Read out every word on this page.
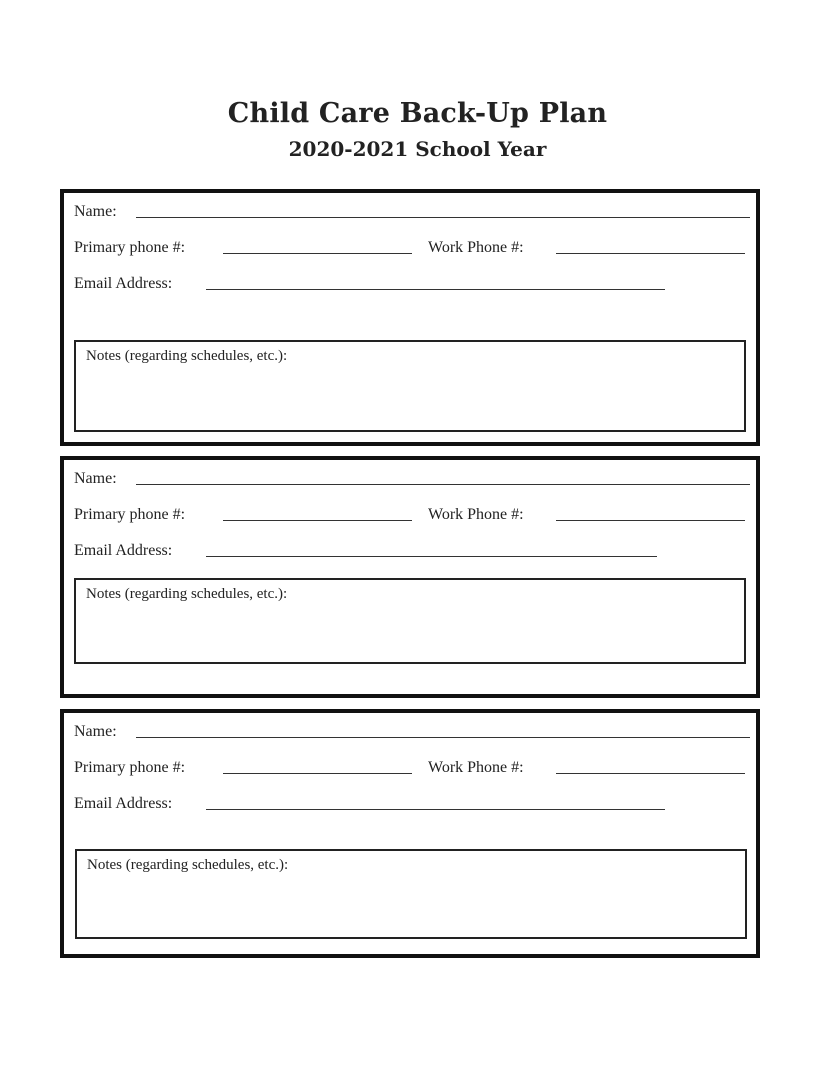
Child Care Back-Up Plan
2020-2021 School Year
Name:
Primary phone #:	Work Phone #:
Email Address:
Notes (regarding schedules, etc.):
Name:
Primary phone #:	Work Phone #:
Email Address:
Notes (regarding schedules, etc.):
Name:
Primary phone #:	Work Phone #:
Email Address:
Notes (regarding schedules, etc.):
